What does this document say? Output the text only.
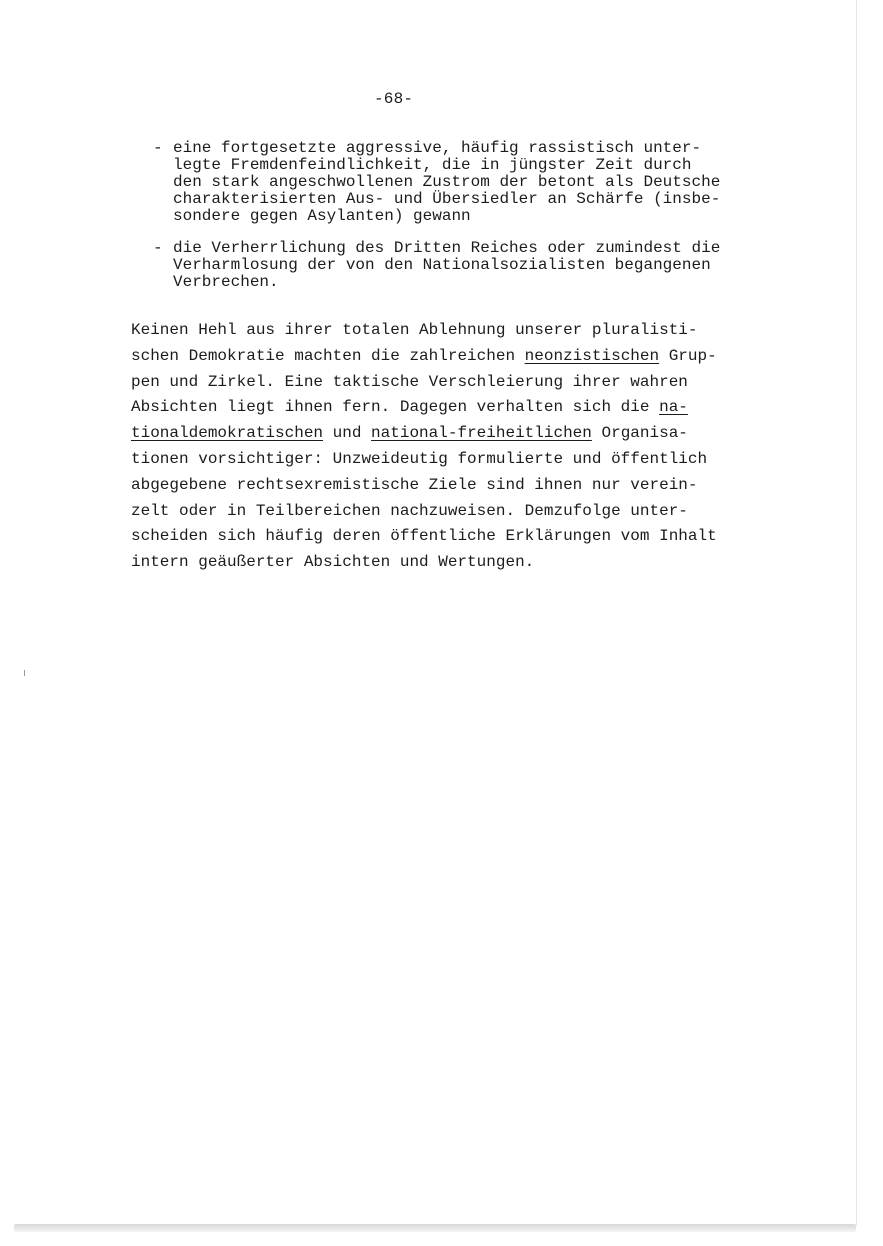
-68-
- eine fortgesetzte aggressive, häufig rassistisch unter-
legte Fremdenfeindlichkeit, die in jüngster Zeit durch
den stark angeschwollenen Zustrom der betont als Deutsche
charakterisierten Aus- und Übersiedler an Schärfe (insbe-
sondere gegen Asylanten) gewann
- die Verherrlichung des Dritten Reiches oder zumindest die
Verharmlosung der von den Nationalsozialisten begangenen
Verbrechen.
Keinen Hehl aus ihrer totalen Ablehnung unserer pluralisti-
schen Demokratie machten die zahlreichen neonzistischen Grup-
pen und Zirkel. Eine taktische Verschleierung ihrer wahren
Absichten liegt ihnen fern. Dagegen verhalten sich die na-
tionaldemokratischen und national-freiheitlichen Organisa-
tionen vorsichtiger: Unzweideutig formulierte und öffentlich
abgegebene rechtsexremistische Ziele sind ihnen nur verein-
zelt oder in Teilbereichen nachzuweisen. Demzufolge unter-
scheiden sich häufig deren öffentliche Erklärungen vom Inhalt
intern geäußerter Absichten und Wertungen.
